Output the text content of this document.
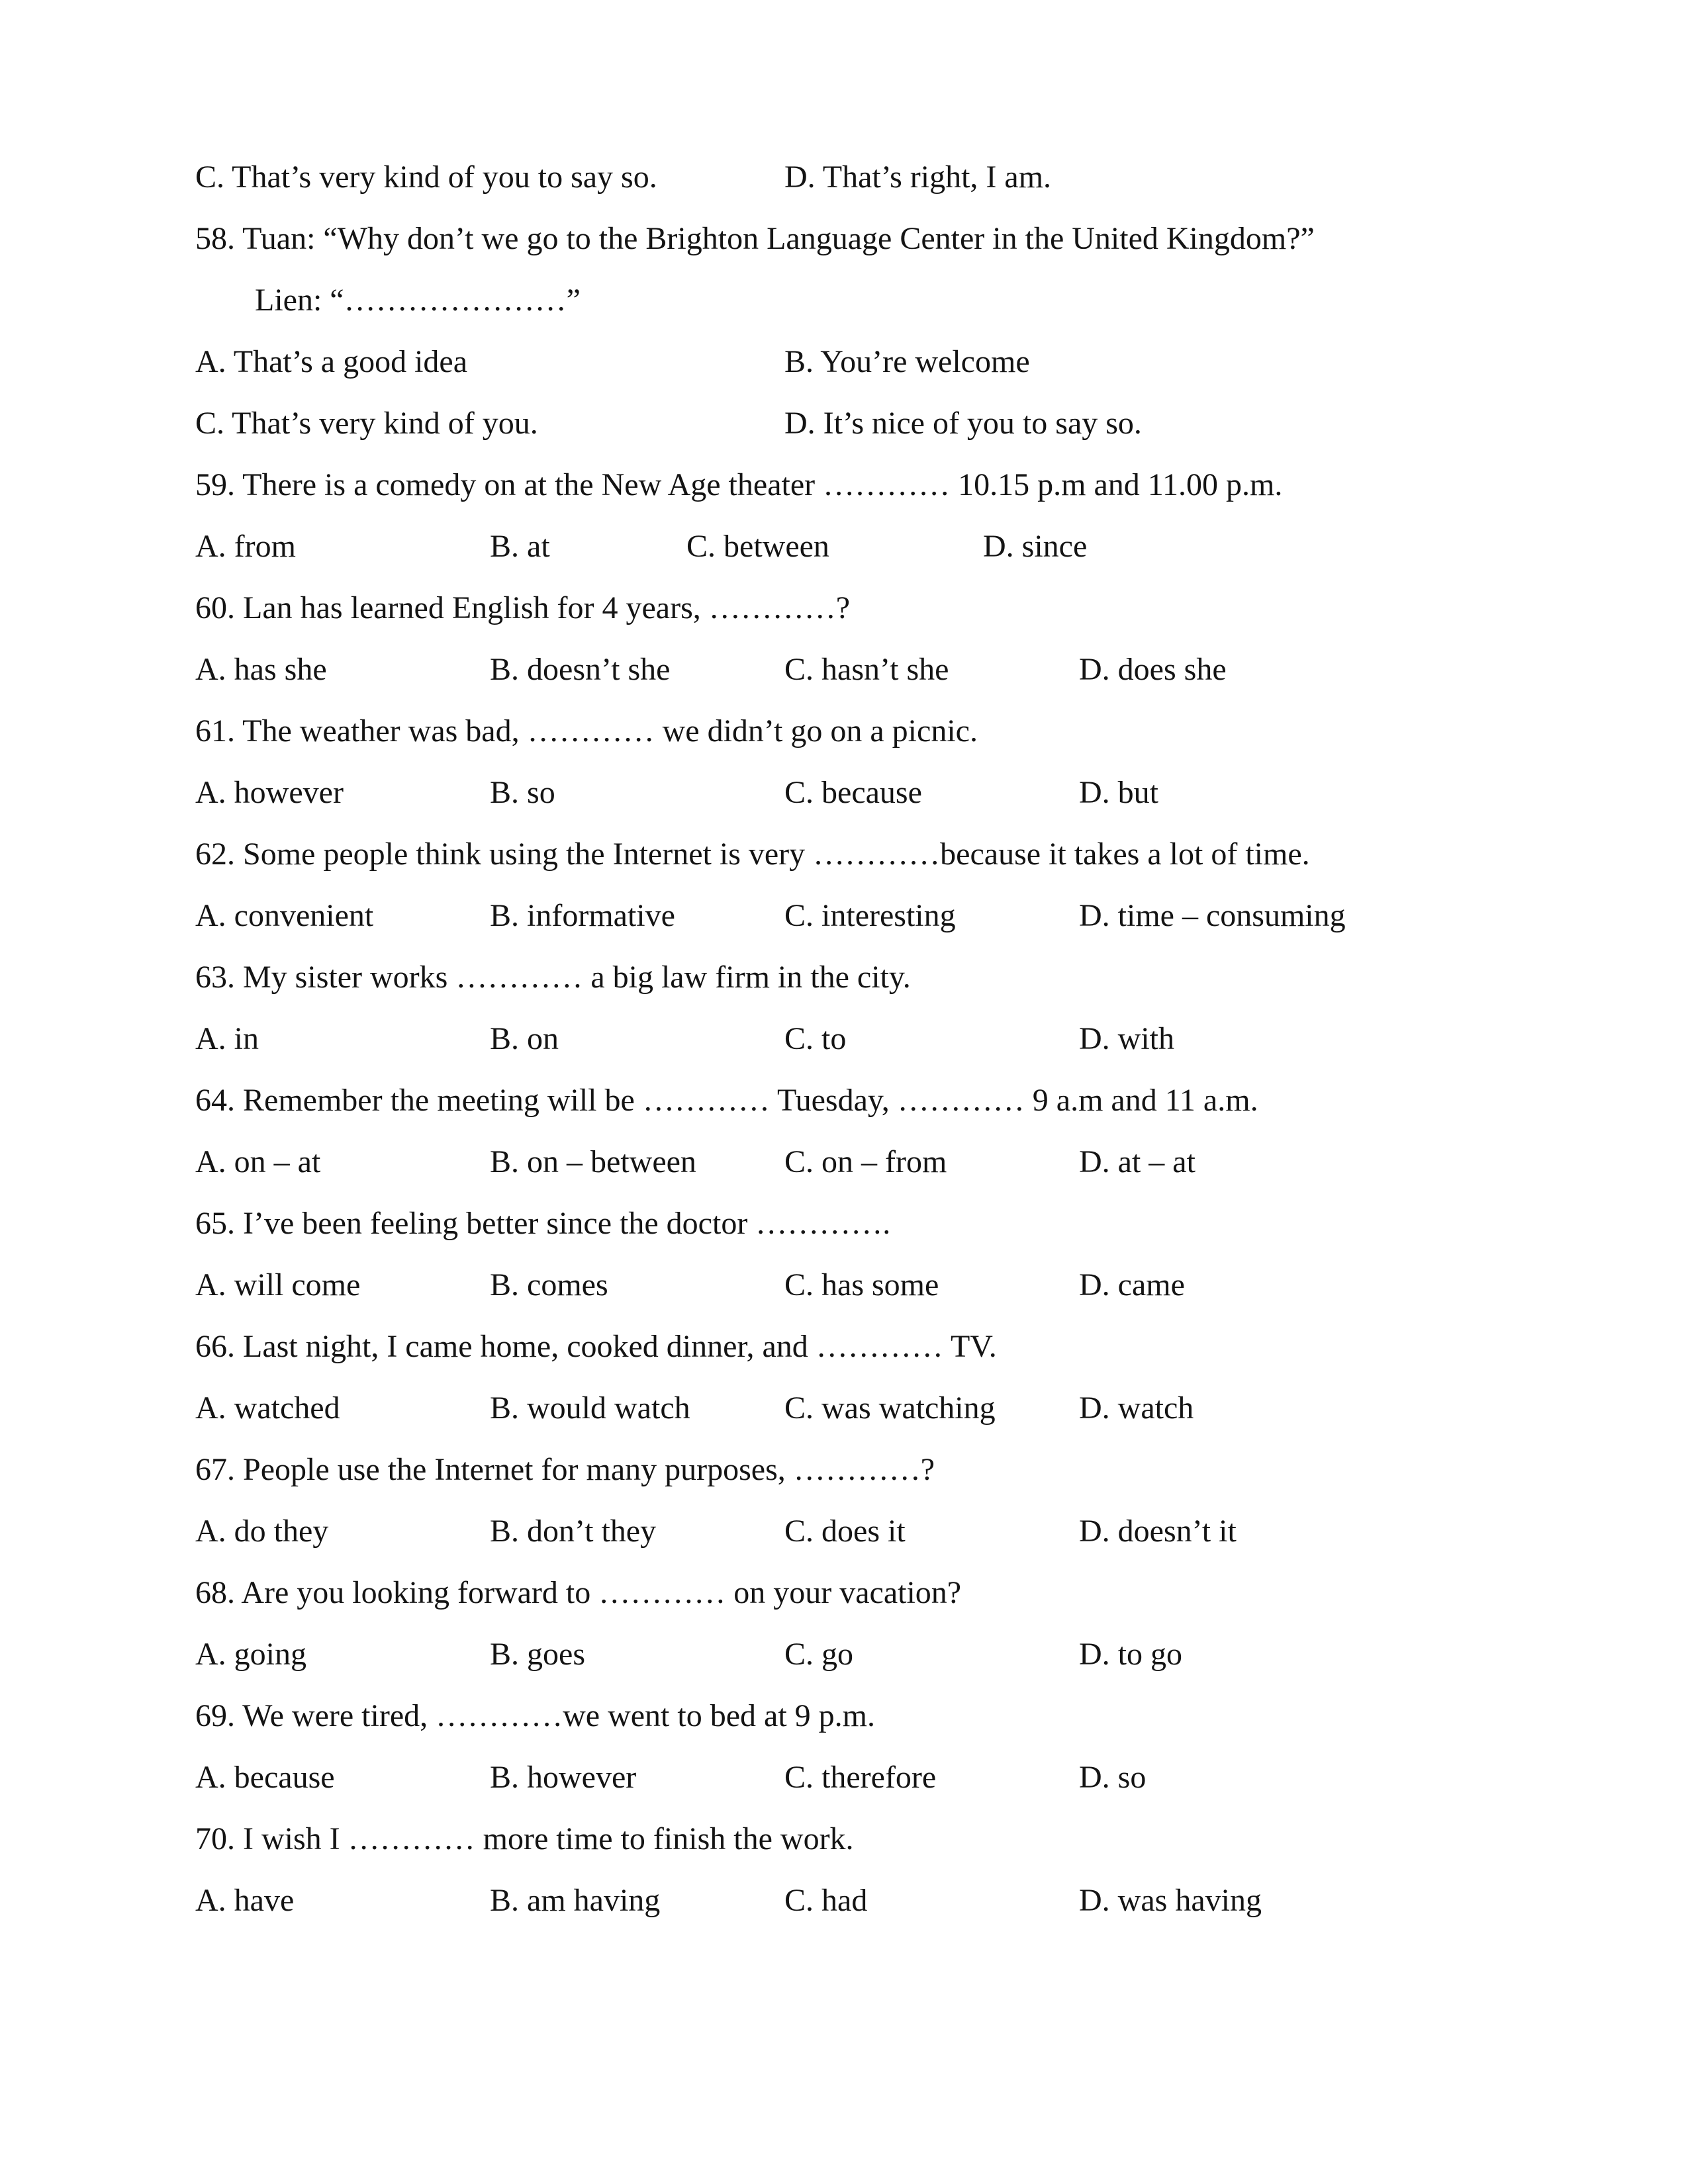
C. That’s very kind of you to say so.	D. That’s right, I am.
58. Tuan: “Why don’t we go to the Brighton Language Center in the United Kingdom?”
Lien: “…………………”
A. That’s a good idea	B. You’re welcome
C. That’s very kind of you.	D. It’s nice of you to say so.
59. There is a comedy on at the New Age theater ………… 10.15 p.m and 11.00 p.m.
A. from	B. at	C. between	D. since
60. Lan has learned English for 4 years, …………?
A. has she	B. doesn’t she	C. hasn’t she	D. does she
61. The weather was bad, ………… we didn’t go on a picnic.
A. however	B. so	C. because	D. but
62. Some people think using the Internet is very …………because it takes a lot of time.
A. convenient	B. informative	C. interesting	D. time – consuming
63. My sister works ………… a big law firm in the city.
A. in	B. on	C. to	D. with
64. Remember the meeting will be ………… Tuesday, ………… 9 a.m and 11 a.m.
A. on – at	B. on – between	C. on – from	D. at – at
65. I’ve been feeling better since the doctor ………….
A. will come	B. comes	C. has some	D. came
66. Last night, I came home, cooked dinner, and ………… TV.
A. watched	B. would watch	C. was watching	D. watch
67. People use the Internet for many purposes, …………?
A. do they	B. don’t they	C. does it	D. doesn’t it
68. Are you looking forward to ………… on your vacation?
A. going	B. goes	C. go	D. to go
69. We were tired, …………we went to bed at 9 p.m.
A. because	B. however	C. therefore	D. so
70. I wish I ………… more time to finish the work.
A. have	B. am having	C. had	D. was having
